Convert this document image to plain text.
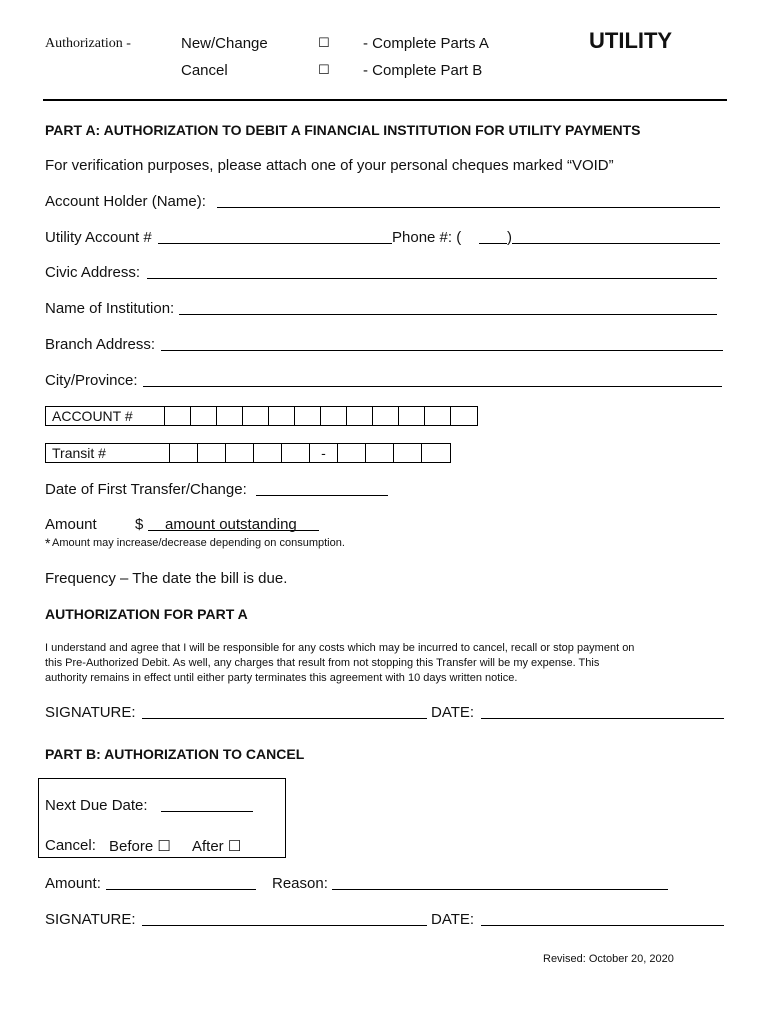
Authorization -	New/Change	☐ - Complete Parts A
Cancel	☐ - Complete Part B
UTILITY
PART A: AUTHORIZATION TO DEBIT A FINANCIAL INSTITUTION FOR UTILITY PAYMENTS
For verification purposes, please attach one of your personal cheques marked “VOID”
Account Holder (Name):
Utility Account #	Phone #: (	)
Civic Address:
Name of Institution:
Branch Address:
City/Province:
ACCOUNT #
Transit #	-
Date of First Transfer/Change:
Amount	$ amount outstanding
* Amount may increase/decrease depending on consumption.
Frequency – The date the bill is due.
AUTHORIZATION FOR PART A
I understand and agree that I will be responsible for any costs which may be incurred to cancel, recall or stop payment on
this Pre-Authorized Debit. As well, any charges that result from not stopping this Transfer will be my expense. This
authority remains in effect until either party terminates this agreement with 10 days written notice.
SIGNATURE:	DATE:
PART B: AUTHORIZATION TO CANCEL
Next Due Date:
Cancel: Before ☐ After ☐
Amount:	Reason:
SIGNATURE:	DATE:
Revised: October 20, 2020
